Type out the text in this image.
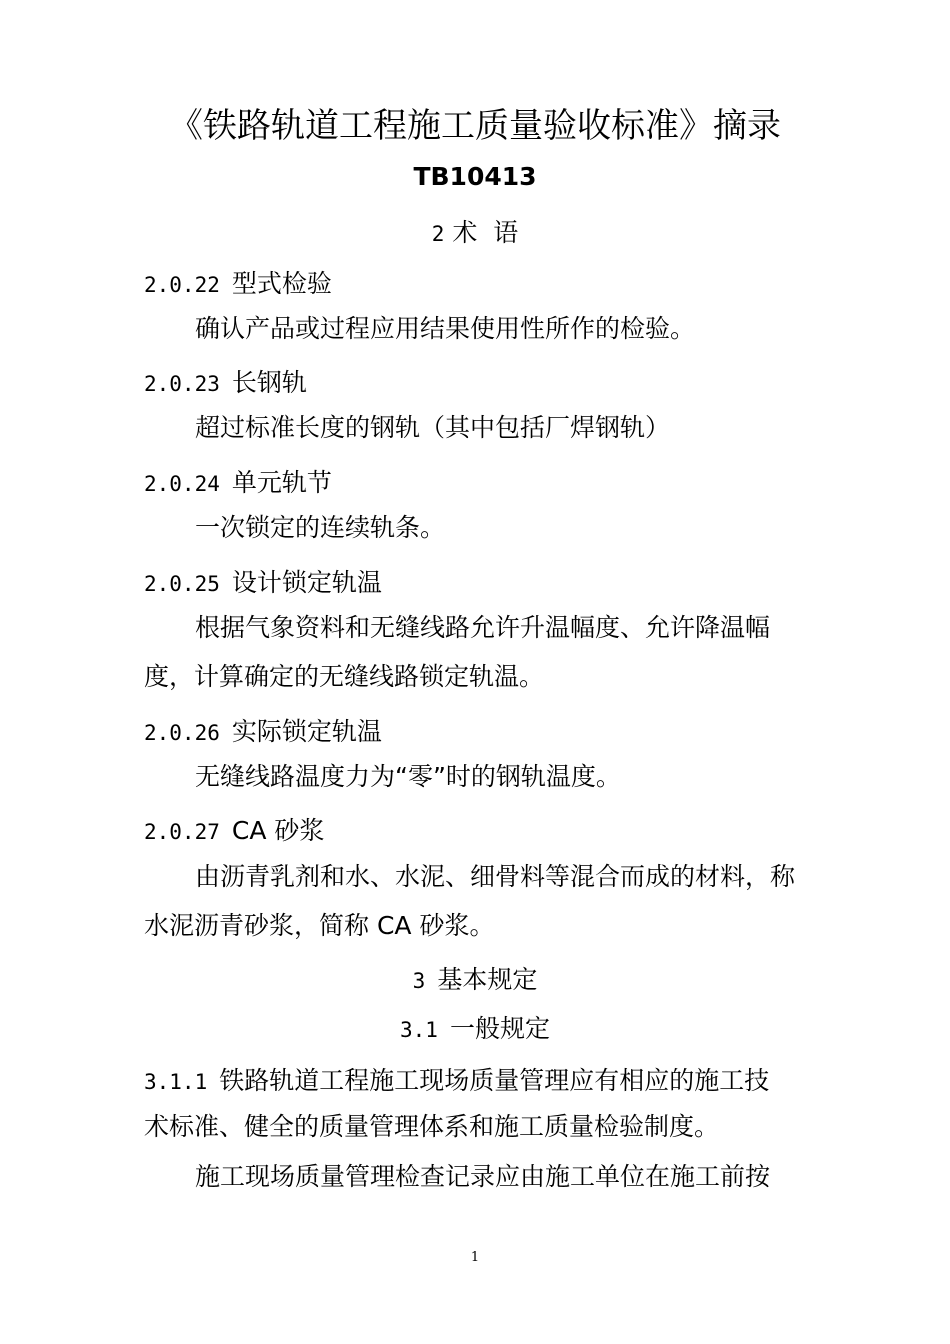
《铁路轨道工程施工质量验收标准》摘录
TB10413
2 术  语
2.0.22 型式检验
确认产品或过程应用结果使用性所作的检验。
2.0.23 长钢轨
超过标准长度的钢轨（其中包括厂焊钢轨）
2.0.24 单元轨节
一次锁定的连续轨条。
2.0.25 设计锁定轨温
根据气象资料和无缝线路允许升温幅度、允许降温幅
度，计算确定的无缝线路锁定轨温。
2.0.26 实际锁定轨温
无缝线路温度力为“零”时的钢轨温度。
2.0.27 CA 砂浆
由沥青乳剂和水、水泥、细骨料等混合而成的材料，称
水泥沥青砂浆，简称 CA 砂浆。
3 基本规定
3.1 一般规定
3.1.1 铁路轨道工程施工现场质量管理应有相应的施工技
术标准、健全的质量管理体系和施工质量检验制度。
施工现场质量管理检查记录应由施工单位在施工前按
1
